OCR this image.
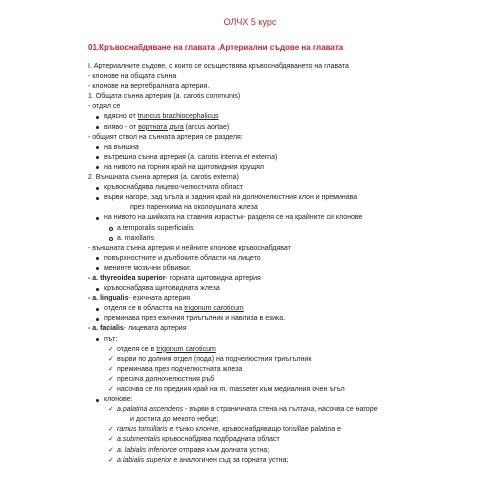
ОЛЧХ 5 курс
01.Кръвоснабдяване на главата .Артериални съдове на главата
I. Артериалните съдове, с които се осъществява кръвоснабдяването на главата
- клонове на общата сънна
- клонове на вертебралната артерия.
1. Общата сънна артерия (a. carotis communis)
- отдял се
вдясно от truncus brachiocephalicus
вляво - от вортната дъга (arcus aortae)
- общият ствол на сънната артерия се разделя:
на външна
вътрешна сънна артерия (a. carotis interna et externa)
на нивото на горния край на щитовидния хрущял
2. Външната сънна артерия (a. carotis externa)
кръвоснабдява лицево-челюстната област
върви нагоре, зад ъгъла и задния край на долночелюстния клон и преминава
през паренхима на околоушната жлеза
на нивото на шийката на ставния израстък- разделя се на крайните си клонове
a.temporalis superficialis
a. maxillaris
- външната сънна артерия и нейните клонове кръвоснабдяват
повърхностните и дълбоките области на лицето
менинте мозъчни обвивки:
- a. thyreoidea superior- горната щитовидна артерия
кръвоснабдява щитовидната жлеза
- a. lingualis- езичната артерия
отделя се в областта на trigonum caroticum
преминава през езичния триъгълник и навлиза в езика.
- a. facialis- лицевата артерия
път:
✓ отделя се в trigonum caroticum
✓ върви по долния отдел (пода) на подчелюстния триъгълник
✓ преминава през подчелюстната жлеза
✓ пресича долночелюстния ръб
✓ насочва се по предния край на m. masseter към медиалния очен ъгъл
клонове:
✓ a.palatina ascendens - върви в страничната стена на гълтача, насочва се нагоре
и достига до мекото небце;
✓ ramus tonsillaris е тънко клонче, кръвоснабдяващо tonsillae palatina е
✓ a.submentalis кръвоснабдява подбрадната област
✓ a. labialis inferiorсе отправя към долната устна;
✓ a.labialis superior е аналогичен съд за горната устна;
